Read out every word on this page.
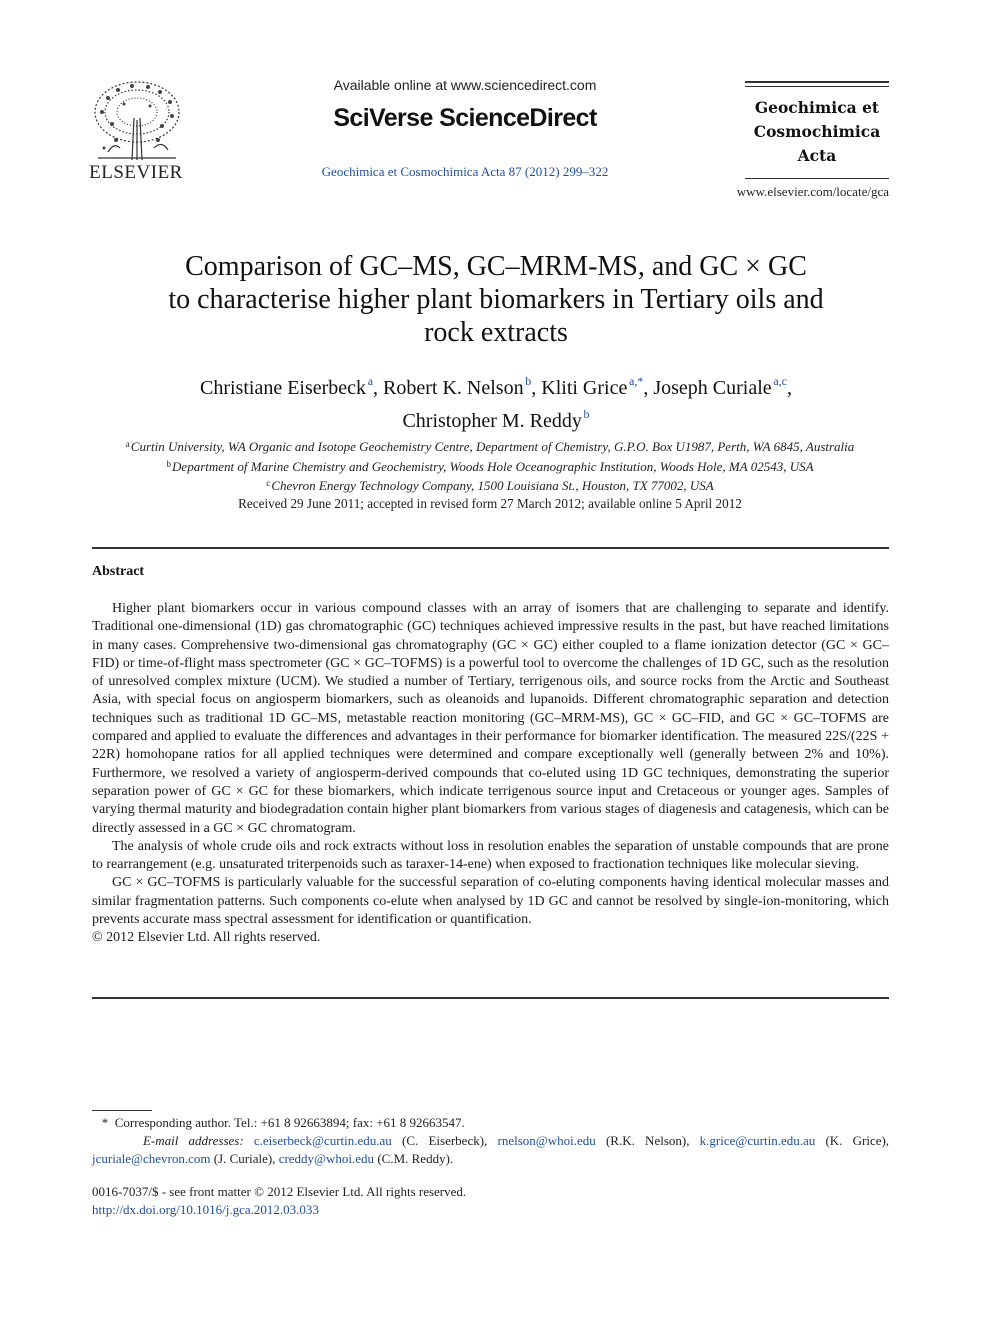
ELSEVIER
Available online at www.sciencedirect.com
SciVerse ScienceDirect
Geochimica et Cosmochimica Acta 87 (2012) 299–322
Geochimica et
Cosmochimica
Acta
www.elsevier.com/locate/gca
Comparison of GC–MS, GC–MRM-MS, and GC × GC
to characterise higher plant biomarkers in Tertiary oils and
rock extracts
Christiane Eiserbeck  $^a$, Robert K. Nelson  $^b$, Kliti Grice  $^{a,*}$, Joseph Curiale  $^{a,c}$,
Christopher M. Reddy  $^b$
$^a$ Curtin University, WA Organic and Isotope Geochemistry Centre, Department of Chemistry, G.P.O. Box U1987, Perth, WA 6845, Australia
$^b$ Department of Marine Chemistry and Geochemistry, Woods Hole Oceanographic Institution, Woods Hole, MA 02543, USA
$^c$ Chevron Energy Technology Company, 1500 Louisiana St., Houston, TX 77002, USA
Received 29 June 2011; accepted in revised form 27 March 2012; available online 5 April 2012
Abstract

Higher plant biomarkers occur in various compound classes with an array of isomers that are challenging to separate and identify. Traditional one-dimensional (1D) gas chromatographic (GC) techniques achieved impressive results in the past, but have reached limitations in many cases. Comprehensive two-dimensional gas chromatography (GC × GC) either coupled to a flame ionization detector (GC × GC–FID) or time-of-flight mass spectrometer (GC × GC–TOFMS) is a powerful tool to overcome the challenges of 1D GC, such as the resolution of unresolved complex mixture (UCM). We studied a number of Tertiary, terrigenous oils, and source rocks from the Arctic and Southeast Asia, with special focus on angiosperm biomarkers, such as oleanoids and lupanoids. Different chromatographic separation and detection techniques such as traditional 1D GC–MS, metastable reaction monitoring (GC–MRM-MS), GC × GC–FID, and GC × GC–TOFMS are compared and applied to evaluate the differences and advantages in their performance for biomarker identification. The measured 22S/(22S + 22R) homohopane ratios for all applied techniques were determined and compare exceptionally well (generally between 2% and 10%). Furthermore, we resolved a variety of angiosperm-derived compounds that co-eluted using 1D GC techniques, demonstrating the superior separation power of GC × GC for these biomarkers, which indicate terrigenous source input and Cretaceous or younger ages. Samples of varying thermal maturity and biodegradation contain higher plant biomarkers from various stages of diagenesis and catagenesis, which can be directly assessed in a GC × GC chromatogram.

The analysis of whole crude oils and rock extracts without loss in resolution enables the separation of unstable compounds that are prone to rearrangement (e.g. unsaturated triterpenoids such as taraxer-14-ene) when exposed to fractionation techniques like molecular sieving.

GC × GC–TOFMS is particularly valuable for the successful separation of co-eluting components having identical molecular masses and similar fragmentation patterns. Such components co-elute when analysed by 1D GC and cannot be resolved by single-ion-monitoring, which prevents accurate mass spectral assessment for identification or quantification.

© 2012 Elsevier Ltd. All rights reserved.

* Corresponding author. Tel.: +61 8 92663894; fax: +61 8 92663547.

E-mail addresses: c.eiserbeck@curtin.edu.au (C. Eiserbeck), rnelson@whoi.edu (R.K. Nelson), k.grice@curtin.edu.au (K. Grice), jcuriale@chevron.com (J. Curiale), creddy@whoi.edu (C.M. Reddy).

0016-7037/$ - see front matter © 2012 Elsevier Ltd. All rights reserved.
http://dx.doi.org/10.1016/j.gca.2012.03.033
